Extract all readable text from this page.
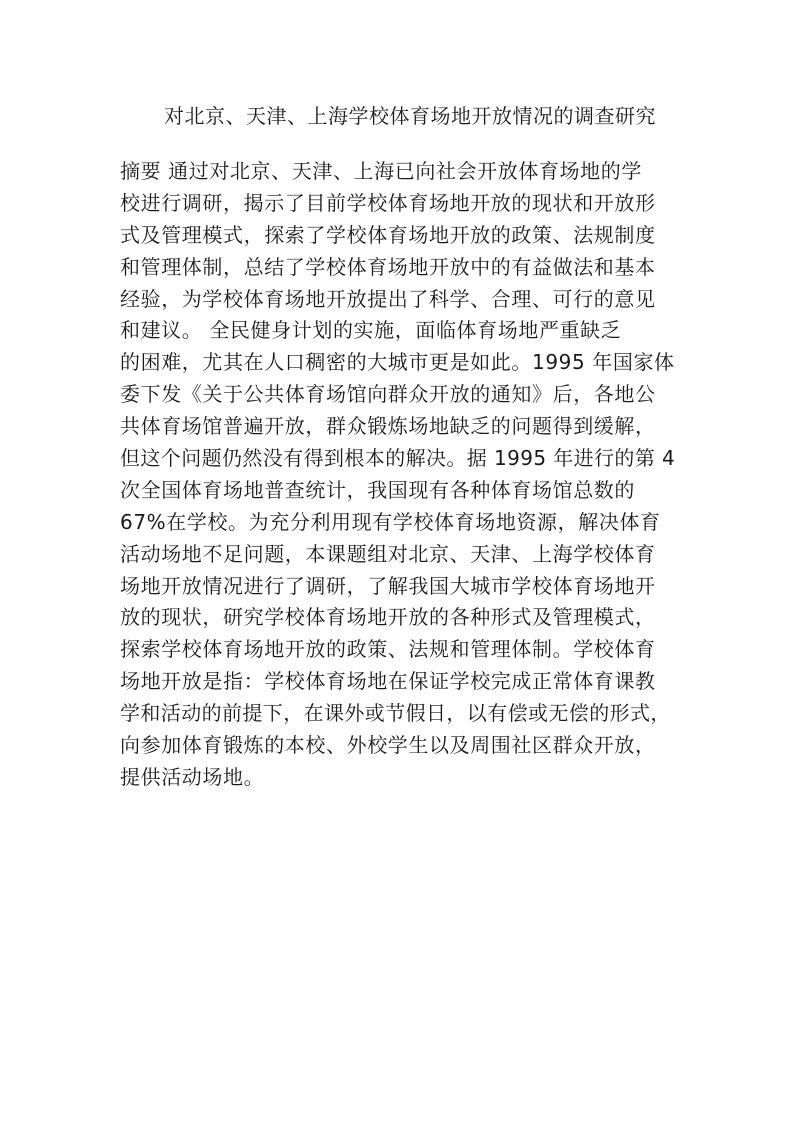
对北京、天津、上海学校体育场地开放情况的调查研究
摘要 通过对北京、天津、上海已向社会开放体育场地的学
校进行调研，揭示了目前学校体育场地开放的现状和开放形
式及管理模式，探索了学校体育场地开放的政策、法规制度
和管理体制，总结了学校体育场地开放中的有益做法和基本
经验，为学校体育场地开放提出了科学、合理、可行的意见
和建议。 全民健身计划的实施，面临体育场地严重缺乏
的困难，尤其在人口稠密的大城市更是如此。1995 年国家体
委下发《关于公共体育场馆向群众开放的通知》后，各地公
共体育场馆普遍开放，群众锻炼场地缺乏的问题得到缓解，
但这个问题仍然没有得到根本的解决。据 1995 年进行的第 4
次全国体育场地普查统计，我国现有各种体育场馆总数的
67%在学校。为充分利用现有学校体育场地资源，解决体育
活动场地不足问题，本课题组对北京、天津、上海学校体育
场地开放情况进行了调研，了解我国大城市学校体育场地开
放的现状，研究学校体育场地开放的各种形式及管理模式，
探索学校体育场地开放的政策、法规和管理体制。学校体育
场地开放是指：学校体育场地在保证学校完成正常体育课教
学和活动的前提下，在课外或节假日，以有偿或无偿的形式，
向参加体育锻炼的本校、外校学生以及周围社区群众开放，
提供活动场地。
